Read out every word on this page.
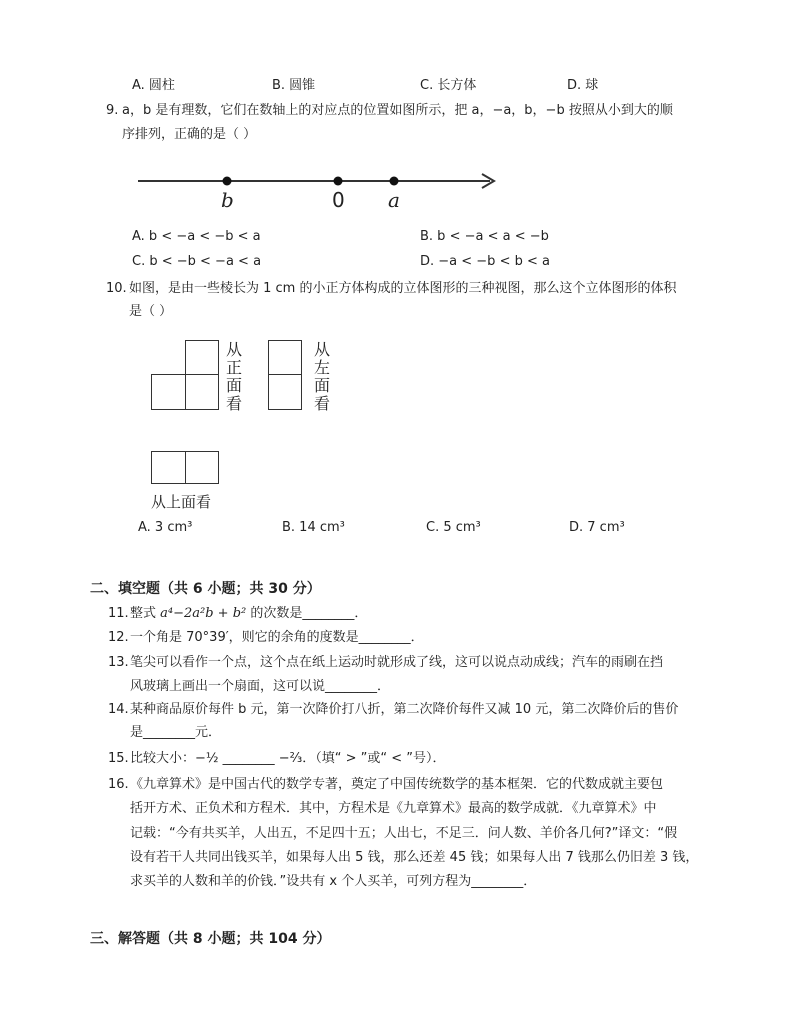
A. 圆柱	B. 圆锥	C. 长方体	D. 球
9. a，b 是有理数，它们在数轴上的对应点的位置如图所示，把 a，−a，b，−b 按照从小到大的顺
序排列，正确的是（ ）
b	0 a
A. b < −a < −b < a	B. b < −a < a < −b
C. b < −b < −a < a	D. −a < −b < b < a
10. 如图，是由一些棱长为 1 cm 的小正方体构成的立体图形的三种视图，那么这个立体图形的体积
是（ ）
从
正
面
看
从
左
面
看
从上面看
A. 3 cm³	B. 14 cm³	C. 5 cm³	D. 7 cm³
二、填空题（共 6 小题；共 30 分）
11. 整式 a⁴−2a²b + b² 的次数是________．
12. 一个角是 70°39′，则它的余角的度数是________．
13. 笔尖可以看作一个点，这个点在纸上运动时就形成了线，这可以说点动成线；汽车的雨刷在挡
风玻璃上画出一个扇面，这可以说________．
14. 某种商品原价每件 b 元，第一次降价打八折，第二次降价每件又减 10 元，第二次降价后的售价
是________元．
15. 比较大小：−½ ________ −⅔．（填“ > ”或“ < ”号）．
16. 《九章算术》是中国古代的数学专著，奠定了中国传统数学的基本框架．它的代数成就主要包
括开方术、正负术和方程术．其中，方程术是《九章算术》最高的数学成就．《九章算术》中
记载：“今有共买羊，人出五，不足四十五；人出七，不足三．问人数、羊价各几何?”译文：“假
设有若干人共同出钱买羊，如果每人出 5 钱，那么还差 45 钱；如果每人出 7 钱那么仍旧差 3 钱，
求买羊的人数和羊的价钱．”设共有 x 个人买羊，可列方程为________．
三、解答题（共 8 小题；共 104 分）
